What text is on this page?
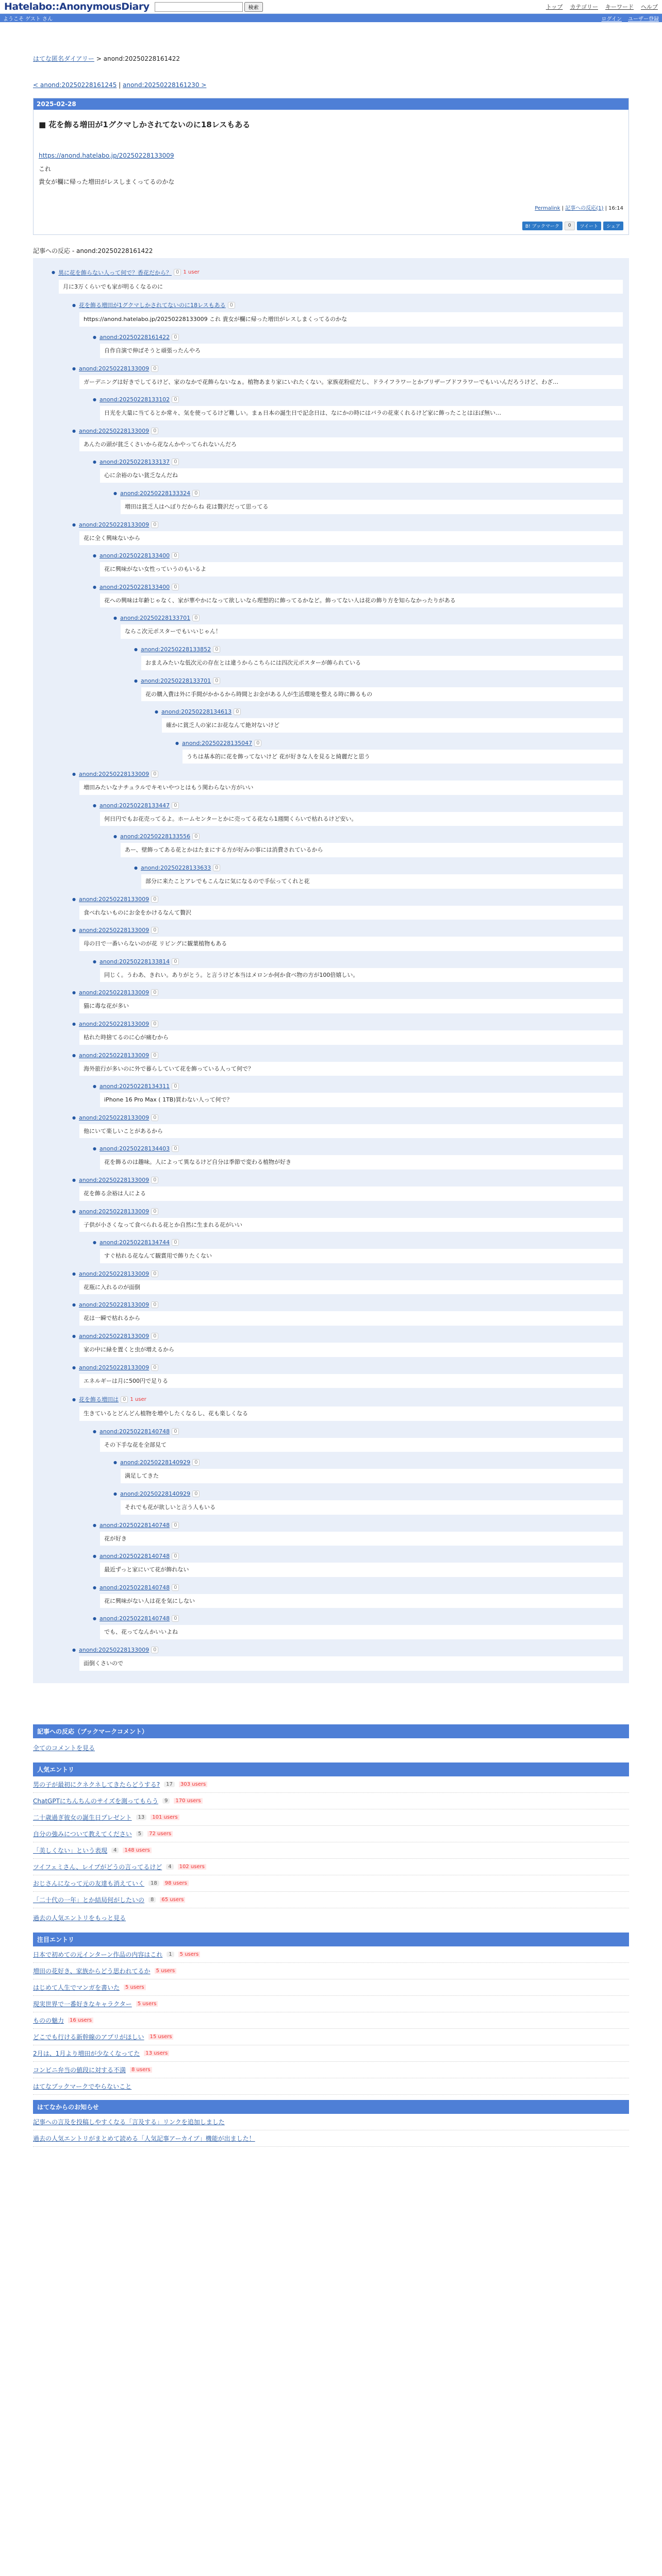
Hatelabo::AnonymousDiary	検索	トップ カテゴリー キーワード ヘルプ
ようこそ ゲスト さん	ログイン ユーザー登録
はてな匿名ダイアリー > anond:20250228161422
< anond:20250228161245 | anond:20250228161230 >
2025-02-28
■ 花を飾る増田が1グクマしかされてないのに18レスもある

https://anond.hatelabo.jp/20250228133009

これ

貴女が欄に帰った増田がレスしまくってるのかな

Permalink | 記事への反応(1) | 16:14
B! ブックマーク	0	ツイート	シェア
記事への反応 - anond:20250228161422
● 異に花を飾らない人って何で？香花だから？ 0 1 user
月に3万くらいでも家が明るくなるのに
● 花を飾る増田が1グクマしかされてないのに18レスもある 0
https://anond.hatelabo.jp/20250228133009 これ 貴女が欄に帰った増田がレスしまくってるのかな
● anond:20250228161422 0
自作自演で伸ばそうと頑張ったんやろ
● anond:20250228133009 0
ガーデニングは好きでしてるけど、家のなかで花飾らないなぁ。植物あまり家にいれたくない。家族花粉症だし、ドライフラワーとかプリザーブドフラワーでもいいんだろうけど、わざ…
● anond:20250228133102 0
日光を大量に当てるとか常々、気を使ってるけど難しい。まぁ日本の誕生日で記念日は、なにかの時にはバラの花束くれるけど家に飾ったことはほぼ無い…
● anond:20250228133009 0
あんたの頭が貧乏くさいから花なんかやってられないんだろ
● anond:20250228133137 0
心に余裕のない貧乏なんだね
● anond:20250228133324 0
増田は貧乏人はへぼりだからね 花は贅沢だって思ってる
● anond:20250228133009 0
花に全く興味ないから
● anond:20250228133400 0
花に興味がない女性っていうのもいるよ
● anond:20250228133400 0
花への興味は年齢じゃなく、家が華やかになって欲しいなら理想的に飾ってるかなど。飾ってない人は花の飾り方を知らなかったりがある
● anond:20250228133701 0
ならこ次元ポスターでもいいじゃん！
● anond:20250228133852 0
おまえみたいな低次元の存在とは違うからこちらには四次元ポスターが飾られている
● anond:20250228133701 0
花の購入費は外に手間がかかるから時間とお金がある人が生活環境を整える時に飾るもの
● anond:20250228134613 0
確かに貧乏人の家にお花なんて絶対ないけど
● anond:20250228135047 0
うちは基本的に花を飾ってないけど 花が好きな人を見ると綺麗だと思う
● anond:20250228133009 0
増田みたいなナチュラルでキモいやつとはもう関わらない方がいい
● anond:20250228133447 0
何日円でもお花売ってるよ。ホームセンターとかに売ってる花なら1週間くらいで枯れるけど安い。
● anond:20250228133556 0
あー、壁飾ってある花とかはたまにする方が好みの事には消費されているから
● anond:20250228133633 0
部分に来たことアレでもこんなに気になるので手伝ってくれと花
● anond:20250228133009 0
食べれないものにお金をかけるなんて贅沢
● anond:20250228133009 0
母の日で一番いらないのが花 リビングに観葉植物もある
● anond:20250228133814 0
同じく。うわあ、きれい。ありがとう。と言うけど本当はメロンか何か食べ物の方が100倍嬉しい。
● anond:20250228133009 0
猫に毒な花が多い
● anond:20250228133009 0
枯れた時捨てるのに心が痛むから
● anond:20250228133009 0
海外旅行が多いのに外で暮らしていて花を飾っている人って何で？
● anond:20250228134311 0
iPhone 16 Pro Max ( 1TB)買わない人って何で？
● anond:20250228133009 0
他にいて楽しいことがあるから
● anond:20250228134403 0
花を飾るのは趣味。人によって異なるけど自分は季節で変わる植物が好き
● anond:20250228133009 0
花を飾る余裕は人による
● anond:20250228133009 0
子供が小さくなって食べられる花とか自然に生まれる花がいい
● anond:20250228134744 0
すぐ枯れる花なんて観賞用で飾りたくない
● anond:20250228133009 0
花瓶に入れるのが面倒
● anond:20250228133009 0
花は一瞬で枯れるから
● anond:20250228133009 0
家の中に緑を置くと虫が増えるから
● anond:20250228133009 0
エネルギーは月に500円で足りる
● 花を飾る増田は 0 1 user
生きているとどんどん植物を増やしたくなるし、花も楽しくなる
● anond:20250228140748 0
その下手な花を全部見て
● anond:20250228140929 0
満足してきた
● anond:20250228140929 0
それでも花が欲しいと言う人もいる
● anond:20250228140748 0
花が好き
● anond:20250228140748 0
最近ずっと家にいて花が飾れない
● anond:20250228140748 0
花に興味がない人は花を気にしない
● anond:20250228140748 0
でも、花ってなんかいいよね
● anond:20250228133009 0
面倒くさいので
記事への反応（ブックマークコメント）
全てのコメントを見る
人気エントリ
男の子が最初にクネクネしてきたらどうする?	17	303 users
ChatGPTにちんちんのサイズを測ってもらう	9	170 users
二十歳過ぎ彼女の誕生日プレゼント	13	101 users
自分の強みについて教えてください	5	72 users
「美しくない」という表現	4	148 users
ツイフェミさん、レイプがどうの言ってるけど	4	102 users
おじさんになって元の友達も消えていく	18	98 users
「二十代の一年」とか結局何がしたいの	8	65 users
過去の人気エントリをもっと見る
注目エントリ
日本で初めての元インターン作品の内容はこれ	1	5 users
増田の花好き、家族からどう思われてるか	5 users
はじめて人生でマンガを書いた	5 users
現実世界で一番好きなキャラクター	5 users
ものの魅力	16 users
どこでも行ける新幹線のアプリがほしい	15 users
2月は、1月より増田が少なくなってた	13 users
コンビニ弁当の値段に対する不満	8 users
はてなブックマークでやらないこと
はてなからのお知らせ
記事への言及を投稿しやすくなる「言及する」リンクを追加しました
過去の人気エントリがまとめて読める「人気記事アーカイブ」機能が出ました！
